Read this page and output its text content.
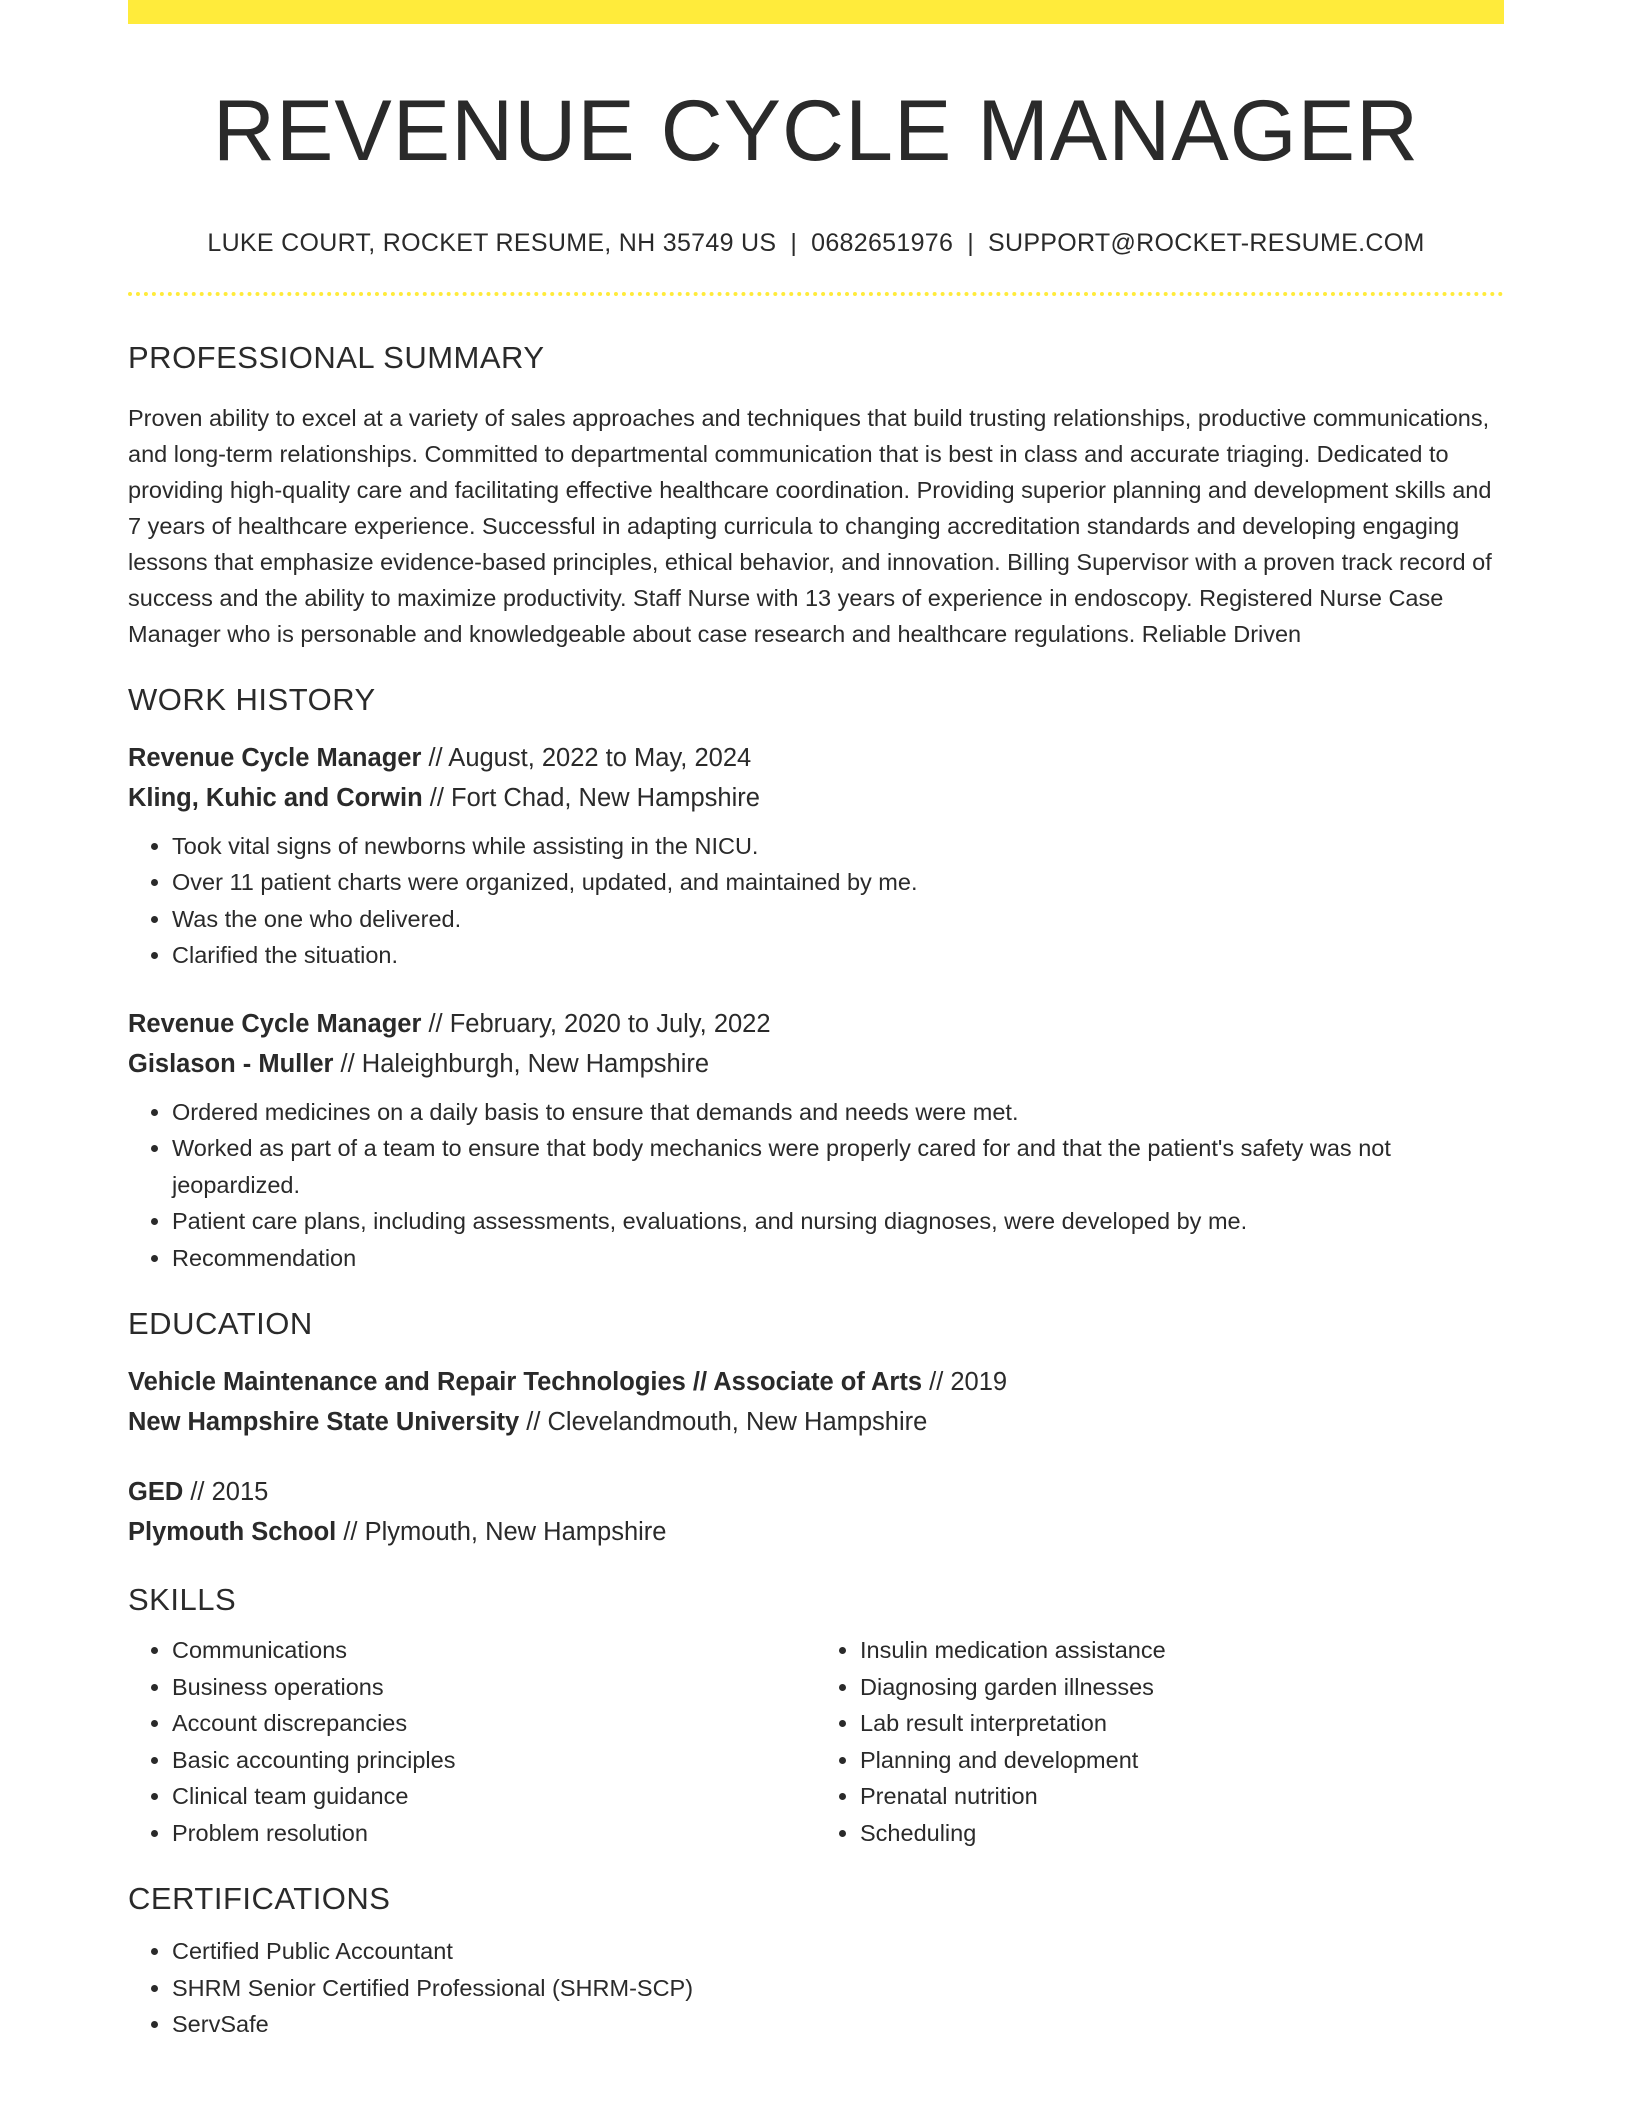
REVENUE CYCLE MANAGER
LUKE COURT, ROCKET RESUME, NH 35749 US | 0682651976 | SUPPORT@ROCKET-RESUME.COM
PROFESSIONAL SUMMARY
Proven ability to excel at a variety of sales approaches and techniques that build trusting relationships, productive communications, and long-term relationships. Committed to departmental communication that is best in class and accurate triaging. Dedicated to providing high-quality care and facilitating effective healthcare coordination. Providing superior planning and development skills and 7 years of healthcare experience. Successful in adapting curricula to changing accreditation standards and developing engaging lessons that emphasize evidence-based principles, ethical behavior, and innovation. Billing Supervisor with a proven track record of success and the ability to maximize productivity. Staff Nurse with 13 years of experience in endoscopy. Registered Nurse Case Manager who is personable and knowledgeable about case research and healthcare regulations. Reliable Driven
WORK HISTORY
Revenue Cycle Manager // August, 2022 to May, 2024
Kling, Kuhic and Corwin // Fort Chad, New Hampshire
• Took vital signs of newborns while assisting in the NICU.
• Over 11 patient charts were organized, updated, and maintained by me.
• Was the one who delivered.
• Clarified the situation.
Revenue Cycle Manager // February, 2020 to July, 2022
Gislason - Muller // Haleighburgh, New Hampshire
• Ordered medicines on a daily basis to ensure that demands and needs were met.
• Worked as part of a team to ensure that body mechanics were properly cared for and that the patient's safety was not jeopardized.
• Patient care plans, including assessments, evaluations, and nursing diagnoses, were developed by me.
• Recommendation
EDUCATION
Vehicle Maintenance and Repair Technologies // Associate of Arts // 2019
New Hampshire State University // Clevelandmouth, New Hampshire
GED // 2015
Plymouth School // Plymouth, New Hampshire
SKILLS
• Communications
• Business operations
• Account discrepancies
• Basic accounting principles
• Clinical team guidance
• Problem resolution
• Insulin medication assistance
• Diagnosing garden illnesses
• Lab result interpretation
• Planning and development
• Prenatal nutrition
• Scheduling
CERTIFICATIONS
• Certified Public Accountant
• SHRM Senior Certified Professional (SHRM-SCP)
• ServSafe
